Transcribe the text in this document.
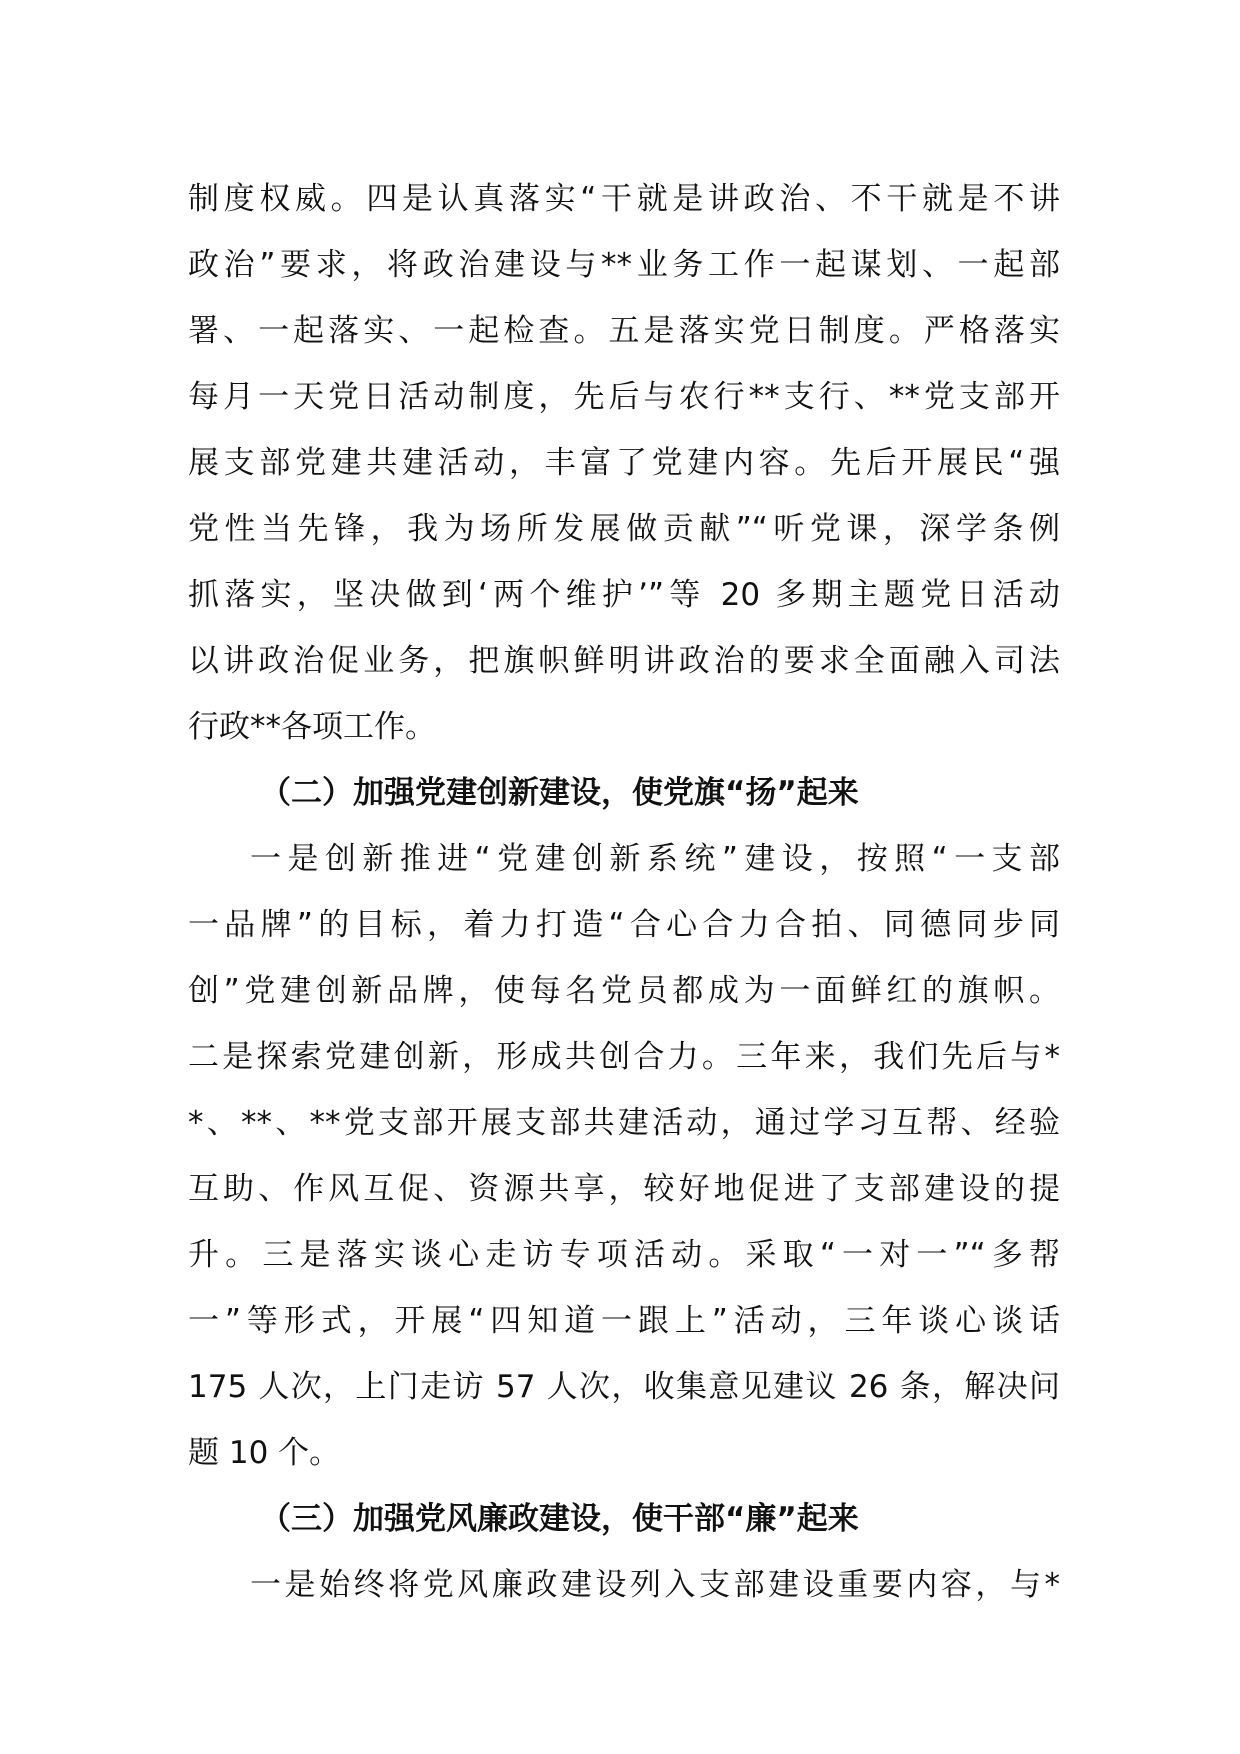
制度权威。四是认真落实“干就是讲政治、不干就是不讲
政治”要求，将政治建设与**业务工作一起谋划、一起部
署、一起落实、一起检查。五是落实党日制度。严格落实
每月一天党日活动制度，先后与农行**支行、**党支部开
展支部党建共建活动，丰富了党建内容。先后开展民“强
党性当先锋，我为场所发展做贡献”“听党课，深学条例
抓落实，坚决做到‘两个维护’”等 20 多期主题党日活动
以讲政治促业务，把旗帜鲜明讲政治的要求全面融入司法
行政**各项工作。
（二）加强党建创新建设，使党旗“扬”起来
一是创新推进“党建创新系统”建设，按照“一支部
一品牌”的目标，着力打造“合心合力合拍、同德同步同
创”党建创新品牌，使每名党员都成为一面鲜红的旗帜。
二是探索党建创新，形成共创合力。三年来，我们先后与*
*、**、**党支部开展支部共建活动，通过学习互帮、经验
互助、作风互促、资源共享，较好地促进了支部建设的提
升。三是落实谈心走访专项活动。采取“一对一”“多帮
一”等形式，开展“四知道一跟上”活动，三年谈心谈话
175 人次，上门走访 57 人次，收集意见建议 26 条，解决问
题 10 个。
（三）加强党风廉政建设，使干部“廉”起来
一是始终将党风廉政建设列入支部建设重要内容，与*
